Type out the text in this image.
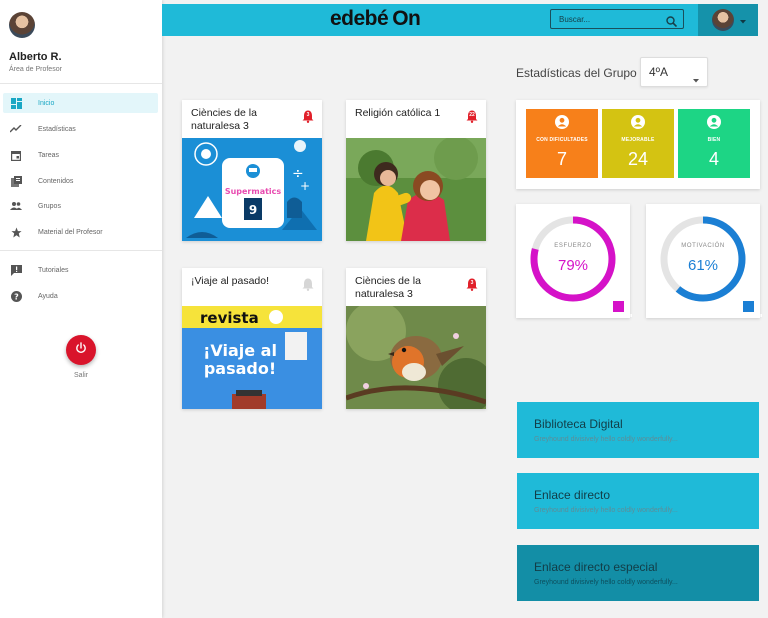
Alberto R.
Área de Profesor
Inicio
Estadísticas
Tareas
Contenidos
Grupos
Material del Profesor
Tutoriales
?	Ayuda
Salir
edebé On
Buscar...
Estadísticas del Grupo 4ºA
CON DIFICULTADES
7
MEJORABLE
24
BIEN
4
ESFUERZO
79%
MOTIVACIÓN
61%
Ciències de la naturalesa 3
3
Supermatics
9
÷
+
Religión católica 1	22
¡Viaje al pasado!
revista
¡Viaje al pasado!
Ciències de la naturalesa 3
3
Biblioteca Digital
Greyhound divisively hello coldly wonderfully...
Enlace directo
Greyhound divisively hello coldly wonderfully...
Enlace directo especial
Greyhound divisively hello coldly wonderfully...
